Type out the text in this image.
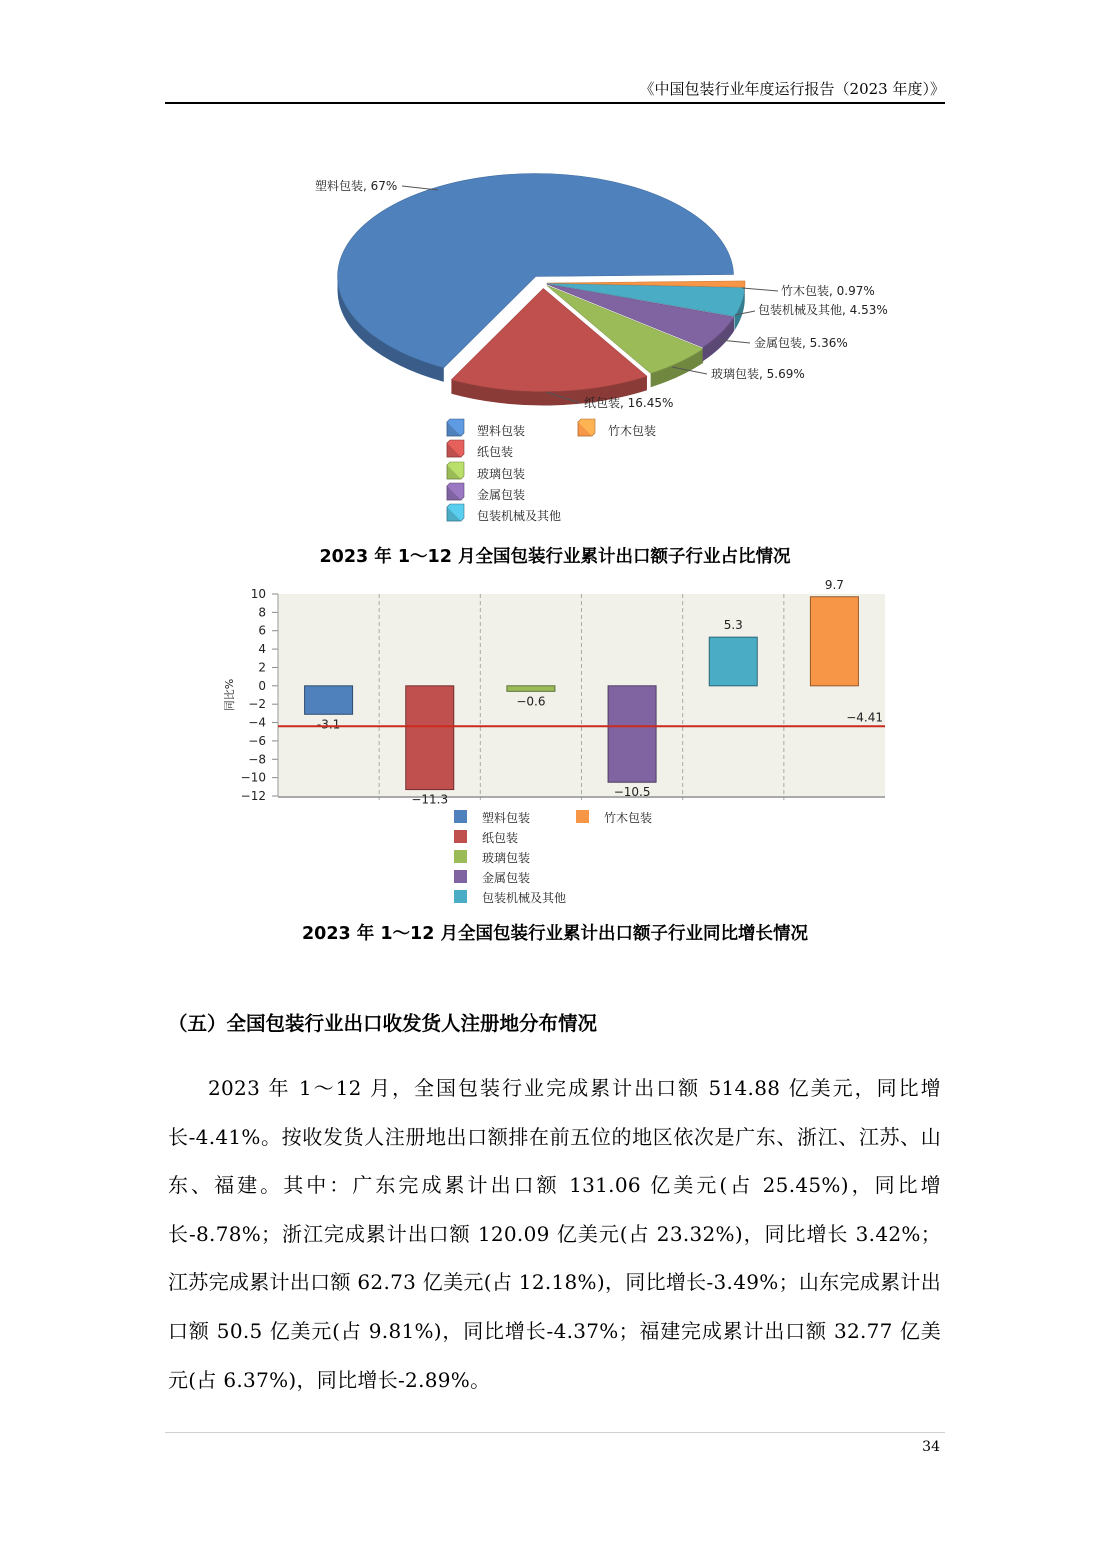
《中国包装行业年度运行报告（2023 年度）》
塑料包装, 67%
纸包装, 16.45%
玻璃包装, 5.69%
金属包装, 5.36%
包装机械及其他, 4.53%
竹木包装, 0.97%
塑料包装
纸包装
玻璃包装
金属包装
包装机械及其他
竹木包装
2023 年 1～12 月全国包装行业累计出口额子行业占比情况
10
8
6
4
2
0
−2
−4
−6
−8
−10
−12
同比%
-3.1
−11.3
−0.6
−10.5
5.3
9.7
−4.41
塑料包装
纸包装
玻璃包装
金属包装
包装机械及其他
竹木包装
2023 年 1～12 月全国包装行业累计出口额子行业同比增长情况
（五）全国包装行业出口收发货人注册地分布情况
2023 年 1～12 月，全国包装行业完成累计出口额 514.88 亿美元，同比增长-4.41%。按收发货人注册地出口额排在前五位的地区依次是广东、浙江、江苏、山东、福建。其中：广东完成累计出口额 131.06 亿美元(占 25.45%)，同比增长-8.78%；浙江完成累计出口额 120.09 亿美元(占 23.32%)，同比增长 3.42%；江苏完成累计出口额 62.73 亿美元(占 12.18%)，同比增长-3.49%；山东完成累计出口额 50.5 亿美元(占 9.81%)，同比增长-4.37%；福建完成累计出口额 32.77 亿美元(占 6.37%)，同比增长-2.89%。
34
